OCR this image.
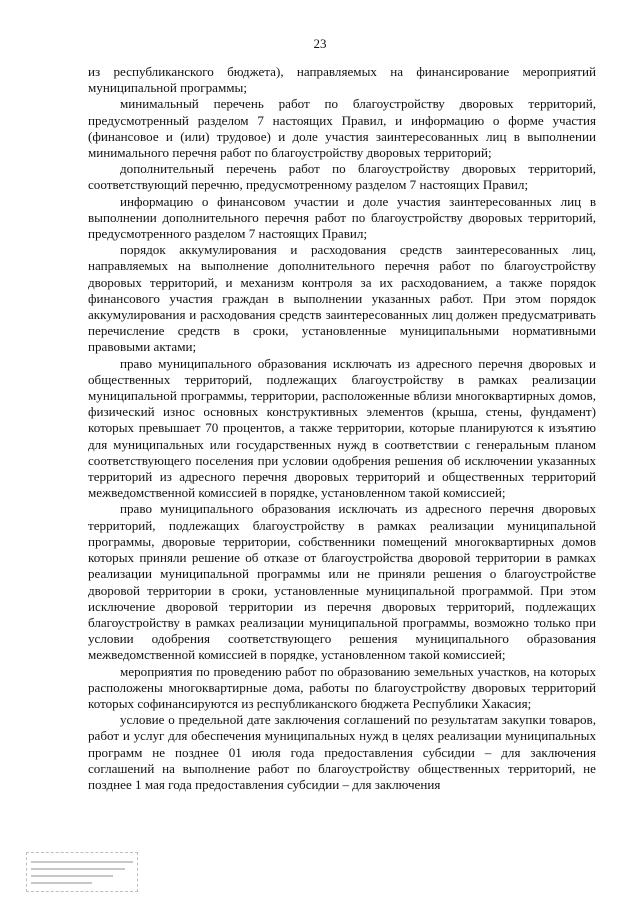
23

из республиканского бюджета), направляемых на финансирование мероприятий муниципальной программы;

минимальный перечень работ по благоустройству дворовых территорий, предусмотренный разделом 7 настоящих Правил, и информацию о форме участия (финансовое и (или) трудовое) и доле участия заинтересованных лиц в выполнении минимального перечня работ по благоустройству дворовых территорий;

дополнительный перечень работ по благоустройству дворовых территорий, соответствующий перечню, предусмотренному разделом 7 настоящих Правил;

информацию о финансовом участии и доле участия заинтересованных лиц в выполнении дополнительного перечня работ по благоустройству дворовых территорий, предусмотренного разделом 7 настоящих Правил;

порядок аккумулирования и расходования средств заинтересованных лиц, направляемых на выполнение дополнительного перечня работ по благоустройству дворовых территорий, и механизм контроля за их расходованием, а также порядок финансового участия граждан в выполнении указанных работ. При этом порядок аккумулирования и расходования средств заинтересованных лиц должен предусматривать перечисление средств в сроки, установленные муниципальными нормативными правовыми актами;

право муниципального образования исключать из адресного перечня дворовых и общественных территорий, подлежащих благоустройству в рамках реализации муниципальной программы, территории, расположенные вблизи многоквартирных домов, физический износ основных конструктивных элементов (крыша, стены, фундамент) которых превышает 70 процентов, а также территории, которые планируются к изъятию для муниципальных или государственных нужд в соответствии с генеральным планом соответствующего поселения при условии одобрения решения об исключении указанных территорий из адресного перечня дворовых территорий и общественных территорий межведомственной комиссией в порядке, установленном такой комиссией;

право муниципального образования исключать из адресного перечня дворовых территорий, подлежащих благоустройству в рамках реализации муниципальной программы, дворовые территории, собственники помещений многоквартирных домов которых приняли решение об отказе от благоустройства дворовой территории в рамках реализации муниципальной программы или не приняли решения о благоустройстве дворовой территории в сроки, установленные муниципальной программой. При этом исключение дворовой территории из перечня дворовых территорий, подлежащих благоустройству в рамках реализации муниципальной программы, возможно только при условии одобрения соответствующего решения муниципального образования межведомственной комиссией в порядке, установленном такой комиссией;

мероприятия по проведению работ по образованию земельных участков, на которых расположены многоквартирные дома, работы по благоустройству дворовых территорий которых софинансируются из республиканского бюджета Республики Хакасия;

условие о предельной дате заключения соглашений по результатам закупки товаров, работ и услуг для обеспечения муниципальных нужд в целях реализации муниципальных программ не позднее 01 июля года предоставления субсидии – для заключения соглашений на выполнение работ по благоустройству общественных территорий, не позднее 1 мая года предоставления субсидии – для заключения
